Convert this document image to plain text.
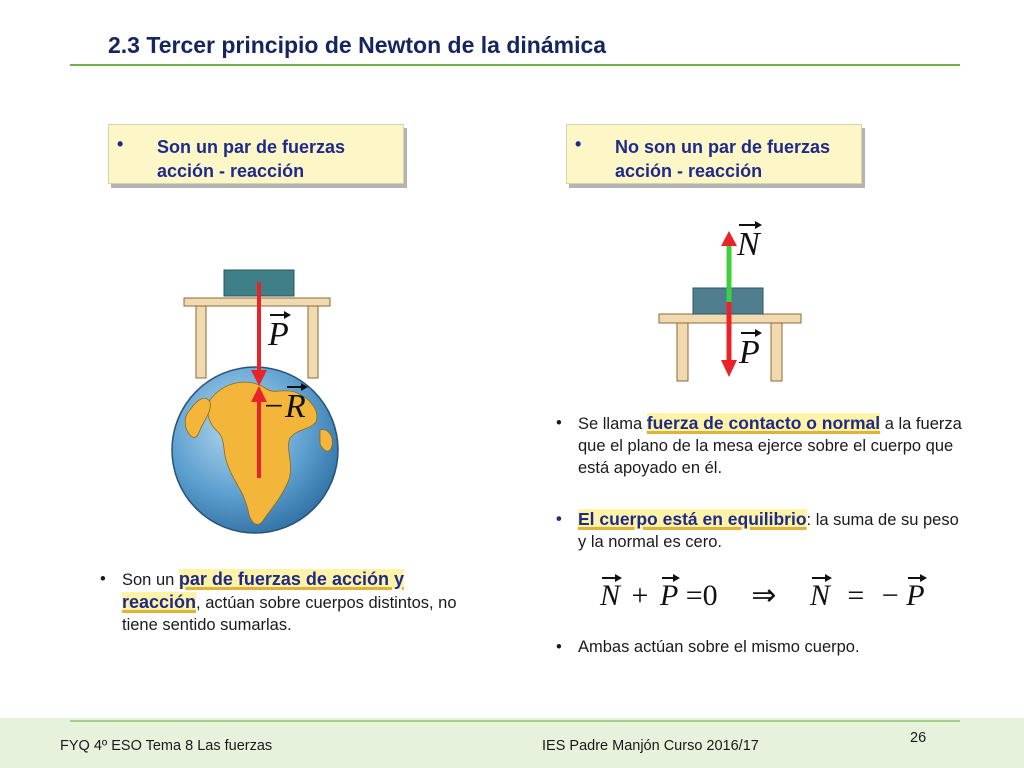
2.3 Tercer principio de Newton de la dinámica
• Son un par de fuerzas acción - reacción
• No son un par de fuerzas acción - reacción
P
−
R
N
P
• Son un par de fuerzas de acción y reacción, actúan sobre cuerpos distintos, no tiene sentido sumarlas.
• Se llama fuerza de contacto o normal a la fuerza que el plano de la mesa ejerce sobre el cuerpo que está apoyado en él.
• El cuerpo está en equilibrio: la suma de su peso y la normal es cero.
N + P =0 ⇒ N = − P
• Ambas actúan sobre el mismo cuerpo.
FYQ 4º ESO Tema 8 Las fuerzas	IES Padre Manjón Curso 2016/17	26
